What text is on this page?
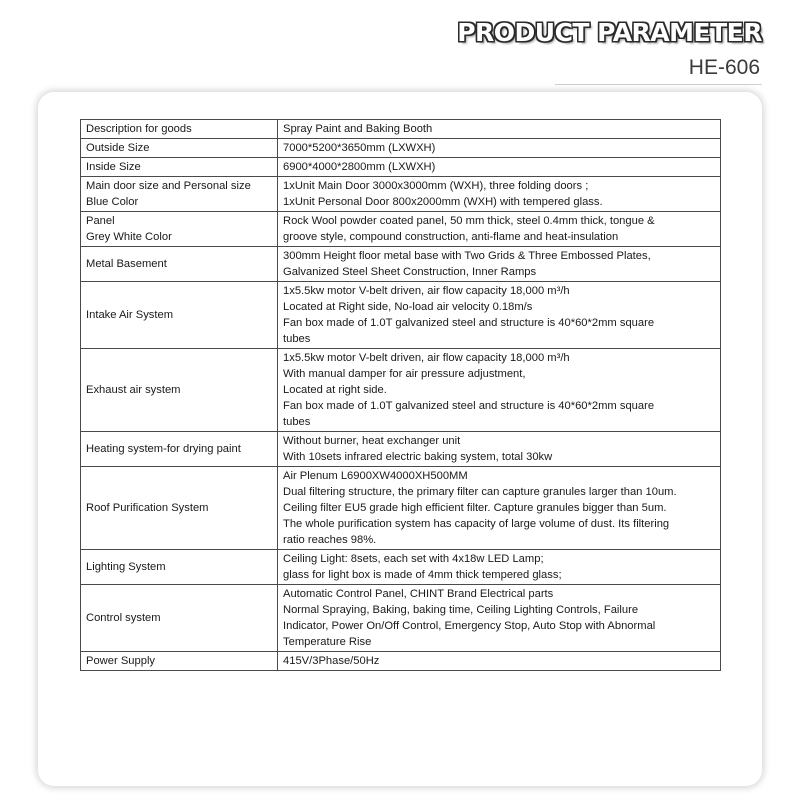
PRODUCT PARAMETER
HE-606
Description for goods	Spray Paint and Baking Booth

Outside Size	7000*5200*3650mm (LXWXH)

Inside Size	6900*4000*2800mm (LXWXH)

Main door size and Personal size
Blue Color	1xUnit Main Door 3000x3000mm (WXH), three folding doors ;
1xUnit Personal Door 800x2000mm (WXH) with tempered glass.

Panel
Grey White Color	Rock Wool powder coated panel, 50 mm thick, steel 0.4mm thick, tongue &
groove style, compound construction, anti-flame and heat-insulation

Metal Basement	300mm Height floor metal base with Two Grids & Three Embossed Plates,
Galvanized Steel Sheet Construction, Inner Ramps

Intake Air System	1x5.5kw motor V-belt driven, air flow capacity 18,000 m³/h
Located at Right side, No-load air velocity 0.18m/s
Fan box made of 1.0T galvanized steel and structure is 40*60*2mm square
tubes

Exhaust air system	1x5.5kw motor V-belt driven, air flow capacity 18,000 m³/h
With manual damper for air pressure adjustment,
Located at right side.
Fan box made of 1.0T galvanized steel and structure is 40*60*2mm square
tubes

Heating system-for drying paint	Without burner, heat exchanger unit
With 10sets infrared electric baking system, total 30kw

Roof Purification System	Air Plenum L6900XW4000XH500MM
Dual filtering structure, the primary filter can capture granules larger than 10um.
Ceiling filter EU5 grade high efficient filter. Capture granules bigger than 5um.
The whole purification system has capacity of large volume of dust. Its filtering
ratio reaches 98%.

Lighting System	Ceiling Light: 8sets, each set with 4x18w LED Lamp;
glass for light box is made of 4mm thick tempered glass;

Control system	Automatic Control Panel, CHINT Brand Electrical parts
Normal Spraying, Baking, baking time, Ceiling Lighting Controls, Failure
Indicator, Power On/Off Control, Emergency Stop, Auto Stop with Abnormal
Temperature Rise

Power Supply	415V/3Phase/50Hz
